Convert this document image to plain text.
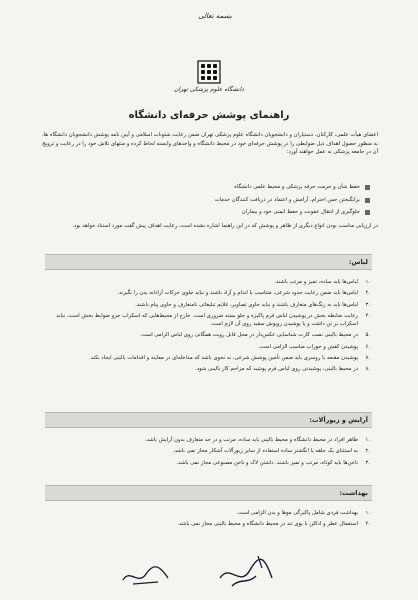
بسمه تعالی
دانشگاه علوم پزشکی تهران
راهنمای پوشش حرفه‌ای دانشگاه
اعضای هیأت علمی، کارکنان، دستیاران و دانشجویان دانشگاه علوم پزشکی تهران ضمن رعایت شئونات اسلامی و آیین نامه پوشش دانشجویان دانشگاه ها، به منظور حصول اهداف ذیل ضوابطی را در پوشش حرفه‌ای خود در محیط دانشگاه و واحدهای وابسته لحاظ کرده و منتهای تلاش خود را در رعایت و ترویج آن در جامعه پزشکی به عمل خواهند آورد:
حفظ شأن و حرمت حرفه پزشکی و محیط علمی دانشگاه
برانگیختن حس احترام، آرامش و اعتماد در دریافت کنندگان خدمات
جلوگیری از انتقال عفونت و حفظ ایمنی خود و بیماران
در ارزیابی مناسب بودن انواع دیگری از ظاهر و پوشش که در این راهنما اشاره نشده است، رعایت اهداف پیش گفت مورد استناد خواهد بود.
لباس:
.۱
لباس‌ها باید ساده، تمیز و مرتب باشند.
.۲
لباس‌ها باید ضمن رعایت حدود شرعی، متناسب با اندام و آزاد باشند و نباید جلوی حرکات آزادانه بدن را بگیرند.
.۳
لباس‌ها باید به رنگ‌های متعارف باشند و نباید حاوی تصاویر، علایم تبلیغاتی نامتعارف و حاوی پیام باشند.
.۴
رعایت ضابطه بخش در پوشیدن لباس فرم پاکیزه و جلو بسته ضروری است. خارج از محیط‌هایی که اسکراب جزو ضوابط بخش است، نباید اسکراب بر تن داشت و یا پوشیدن روپوش سفید روی آن لازم است.
.۵
در محیط بالینی نصب کارت شناسایی عکس‌دار در محل قابل رویت همگانی روی لباس الزامی است.
.۶
پوشیدن کفش و جوراب مناسب الزامی است.
.۷
پوشیدن مقنعه یا روسری باید ضمن تأمین پوشش شرعی، به نحوی باشد که مداخله‌ای در معاینه و اقدامات بالینی ایجاد نکند.
.۸
در محیط بالینی، پوشیدنی روی لباس فرم پوشید که مزاحم کار بالینی شود.
آرایش و زیورآلات:
.۱
ظاهر افراد در محیط دانشگاه و محیط بالینی باید ساده، مرتب و در حد متعارف بدون آرایش باشد.
.۲
به استثنای یک حلقه یا انگشتر ساده استفاده از سایر زیورآلات آشکار مجاز نمی باشد.
.۳
ناخن‌ها باید کوتاه، مرتب و تمیز باشند. داشتن لاک و ناخن مصنوعی مجاز نمی باشد.
بهداشت:
.۱
بهداشت فردی شامل پاکیزگی موها و بدن الزامی است.
.۲
استعمال عطر و ادکلن با بوی تند در محیط دانشگاه و محیط بالینی مجاز نمی باشد.
